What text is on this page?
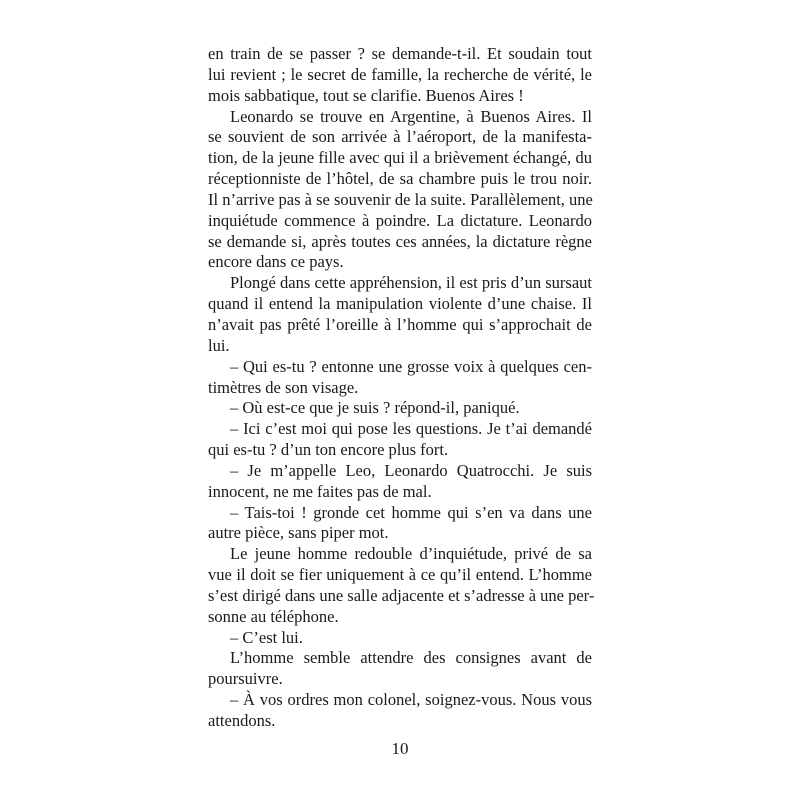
en train de se passer ? se demande-t-il. Et soudain tout
lui revient ; le secret de famille, la recherche de vérité, le
mois sabbatique, tout se clarifie. Buenos Aires !
Leonardo se trouve en Argentine, à Buenos Aires. Il
se souvient de son arrivée à l’aéroport, de la manifesta-
tion, de la jeune fille avec qui il a brièvement échangé, du
réceptionniste de l’hôtel, de sa chambre puis le trou noir.
Il n’arrive pas à se souvenir de la suite. Parallèlement, une
inquiétude commence à poindre. La dictature. Leonardo
se demande si, après toutes ces années, la dictature règne
encore dans ce pays.
Plongé dans cette appréhension, il est pris d’un sursaut
quand il entend la manipulation violente d’une chaise. Il
n’avait pas prêté l’oreille à l’homme qui s’approchait de
lui.
– Qui es-tu ? entonne une grosse voix à quelques cen-
timètres de son visage.
– Où est-ce que je suis ? répond-il, paniqué.
– Ici c’est moi qui pose les questions. Je t’ai demandé
qui es-tu ? d’un ton encore plus fort.
– Je m’appelle Leo, Leonardo Quatrocchi. Je suis
innocent, ne me faites pas de mal.
– Tais-toi ! gronde cet homme qui s’en va dans une
autre pièce, sans piper mot.
Le jeune homme redouble d’inquiétude, privé de sa
vue il doit se fier uniquement à ce qu’il entend. L’homme
s’est dirigé dans une salle adjacente et s’adresse à une per-
sonne au téléphone.
– C’est lui.
L’homme semble attendre des consignes avant de
poursuivre.
– À vos ordres mon colonel, soignez-vous. Nous vous
attendons.
10
